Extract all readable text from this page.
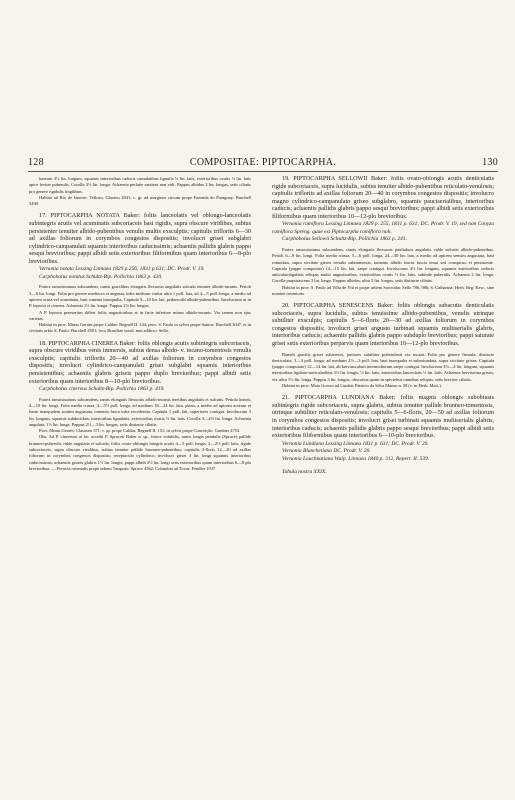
128	COMPOSITAE: PIPTOCARPHA.	130

luneum 3½ lin. longum, squamis interioribus caducis cumulatibus lignulis ⅓ lin. latis, exterioribus ovatis ⅓ lin. latis apice leviter puberulis. Corolla 3½ lin. longa. Achaenia perlatte sanitera non vidi. Pappus albidus 2 lin. longus, setis ciliatis pro genere rigidulis fragilibus.

Habitat ad Rio de Janeiro: Vellozo, Glaziou 2841; c. gr. ad margines circum prope Fazenda do Paraguay: Burchell 3490.

17. PIPTOCARPHA NOTATA Baker: foliis lanceolatis vel oblongo-lanceolatis subintegris acutis vel acuminatis subcoriaceis basi rigidis, supra obscure viridibus, subtus persistenter tenuiter albido-pubentibus venulis multis exsculptis; capitulis triflorits 6—30 ad axillas foliorum in corymbos congestos dispositis; involucri grisei subglabri cylindrico-campanulati squamis interioribus caducissimis; achaeniis pallidis glabris pappo sesqui brevioribus; pappi albidi setis exterioribus filiformibus quam interioribus 6—8-plo brevioribus.

Vernonia notata Lessing Linnaea 1829 p.256, 1831 p.631; DC. Prodr. V. 19.

Carphobolus notatus Schultz-Bip. Pollichia 1863 p. 420.

Frutex ramosissimus subcandens, ramis gracilibus elongatis flexuosis angulatis sulcatis tenuiter albido-incanis. Petioli 3—6 lin. longi. Folia pro genere mediocra et angusta, infra medium varius ultra 1 poll. lata, ad 4—5 poll. longa, a medio ad apicem acuta vel acuminata, basi cuneata inaequalia. Capitula 9—10 lin. lati, pedunculis albido-pubentibus. Involucrum ut in P. leprosa et cinerea. Achaenia 1½ lin. longa. Pappus 2½ lin. longus.

A P. leprosa praesertim differt foliis angustioribus et in facie inferiore minus albido-incanis. Vix tamen non ejus varietas.

Habitat in prov. Minas Geraës prope Caldas: Regnell II. 144; prov. S. Paulo in sylvis prope Santos: Burchell 3047, et in civitatis urbis S. Paulo: Burchell 4501; loco Brasiliae sorsil. non addicto: Sello.

18. PIPTOCARPHA CINEREA Baker: foliis oblongis acutis subintegris subcoriaceis, supra obscure viridibus venis immersis, subtus densa albido- v. incano-tomentosis venulis exsculptis; capitulis triflorits 20—40 ad axillas foliorum in corymbos congestos dispositis; involucri cylindrico-campanulati grisei subglabri squamis interioribus persistentibus; achaeniis glabris griseis pappo duplo brevioribus; pappi albidi setis exterioribus quam interioribus 8—10-plo brevioribus.

Carphobolus cinereus Schultz-Bip. Pollichia 1863 p. 419.

Frutex ramosissimus subcandens, ramis elongatis flexuosis albido-incanis teretibus angulatis et sulcatis. Petiola lineati, 4—10 lin. longi. Folia media crassa, 4—5½ poll. longa, ad medium 18—24 lin. lata, plana, a medio ad apicem acutum et basin inaequalem acutim angustata, tomento fusca infra excedentia. Capitula 1 poll. lati, superiores contigui. Involucrum 3 lin. longum, squamis subdeciduis; interioribus lignulatis, exterioribus ovatis ⅓ lin. latis. Corolla 3—4½ lin. longa. Achaenia angulata, 1⅓ lin. longa. Pappus 2½—3 lin. longus, setis distincte ciliatis.

Prov. Minas Geraës: Claussen 371; c. gr. prope Caldas: Regnell II. 151; in sylvis prope Conceição: Gardner 4753.

Obs. Ad P. cinereum ut hic accedit P. Spruceii Baker n. sp., frutex volubilis, ramis longis pendulis (Spruce) pallide brunneo-puberulis valde angulatis et sulcatis; foliis ovato-oblongis integris acutis 4—5 poll. longis, 2—2½ poll. latis, rigide subcoriaceis, supra obscure viridibus, subtus tenuiter pallide brunneo-pubentibus; capitulis 3-floris 12—20 ad axillas foliorum in corymbos congestos dispositis; receptaculo cylindrico; involucri grisei 3 lin. longi squamis interioribus caducissimis; achaeniis griseis glabris 1½ lin. longis; pappi albidi 2½ lin. longi setis exterioribus quam interioribus 6—8-plo brevioribus. — Peruvia orientalis prope urbem Tarapoto: Spruce 4362; Columbia ad Tovar: Fendler 1037.

19. PIPTOCARPHA SELLOWII Baker: foliis ovato-oblongis acutis denticulatis rigide subcoriaceis, supra lucidulis, subtus tenuiter albido-pubentibus reticulato-venulosis; capitulis triflorits ad axillas foliorum 20—40 in corymbos congestos dispositis; involucro magno cylindrico-campanulato griseo subglabro, squamis pauciserialibus, interioribus caducis; achaeniis pallidis glabris pappo sesqui brevioribus; pappi albidi setis exterioribus filiformibus quam interioribus 10—12-plo brevioribus.

Vernonia ramiflora Lessing Linnaea 1829 p. 255, 1831 p. 631; DC. Prodr. V. 19, sed non Conyza ramiflora Spreng. quae est Piptocarpha ramiflora nob.

Carphobolus Sellowii Schultz-Bip. Pollichia 1863 p. 241.

Frutex ramosissimus subcandens, ramis elongatis flexuosis pauliulum angulatis valde sulcatis albido-pubentibus. Petioli 6—9 lin. longi. Folia media crassa, 5—6 poll. longa, 24—30 lin. lata, a medio ad apicem sensim angustata, basi rotundata, supra siccitate grisea venulis subimmersis, tomento albido fuscia fuscia tenui sed conspicuo et persistente. Capitula (pappo computato) 14—15 lin. lati, saepe contigui. Involucrum 4½ lin. longum, squamis interioribus caducis anticulatoligulatis reliquis multo angustioribus, exterioribus ovatis ½ lin. latis, subinde puberulis. Achaenia 2 lin. longa. Corolla purpurascens 3 lin. longa. Pappus albidus, ultra 3 lin. longus, setis distincte ciliatis.

Habitat in prov. S. Paulo ad Villa de Ytú et prope urbem Sorocaba: Sello 786, 986; S. Catharina: Herb. Reg. Kew., sine nomine inventoris.

20. PIPTOCARPHA SENESCENS Baker: foliis oblongis subacutis denticulatis subcoriaceis, supra lucidulis, subtus tenuissime albido-pubentibus, venulis utrinque subtiliter exsculpis; capitulis 5—6-floris 20—30 ad axillas foliorum in corymbos congestos dispositis; involucri grisei angusto turbinati squamis multiserialis glabris, interioribus caducis; achaeniis pallidis glabris pappo subduplo brevioribus; pappi saturate grisei setis exterioribus perparvis quam interioribus 10—12-plo brevioribus.

Rameli gracilis grisei subteretes, juniores subtiliter puberulenti vix incani. Folia pro genere firmula, distincte denticulata, 3—4 poll. longa, ad medium 2½—3 poll. lata, basi inaequalia et subrotundata, supra siccitate grisea. Capitula (pappo computato) 12—14 lin. lati, ab breviusculum internodiorum saepe contigui. Involucrum 3½—4 lin. longum, squamis interioribus ligulato-navicularibus 3½ lin. longis, ⅓ lin. latis, interioribus lanceolatis ⅓ lin. latis. Achaenia brevissima griseo, vix ultra 1½ lin. longa. Pappus 3 lin. longus, obscurius quam in speciebus omnibus reliquis, setis breviter ciliatis.

Habitat in prov. Mato Grosso ad Cuiabá: Patricio da Silva Manso n. 38 (v. in Herb. Mart.).

21. PIPTOCARPHA LUNDIANA Baker: foliis magnis oblongis subobtusis subintegris rigide subcoriaceis, supra glabris, subtus tenuiter pallide brunneo-tomentosis, utrinque subtiliter reticulato-venulosis; capitulis 5—6-floris, 20—50 ad axillas foliorum in corymbos congestos dispositis; involucri grisei turbinati squamis multiserialis glabris, interioribus caducis; achaeniis pallidis glabris pappo sesqui brevioribus; pappi albidi setis exterioribus filiformibus quam interioribus 6—10-plo brevioribus.

Vernonia Lundiana Lessing Linnaea 1831 p. 631; DC. Prodr. V. 20.

Vernonia Blanchetiana DC. Prodr. V. 20.

Vernonia Lauchnatiana Walp. Linnaea 1840 p. 312, Repert. II. 539.

Tabula nostra XXIX.
